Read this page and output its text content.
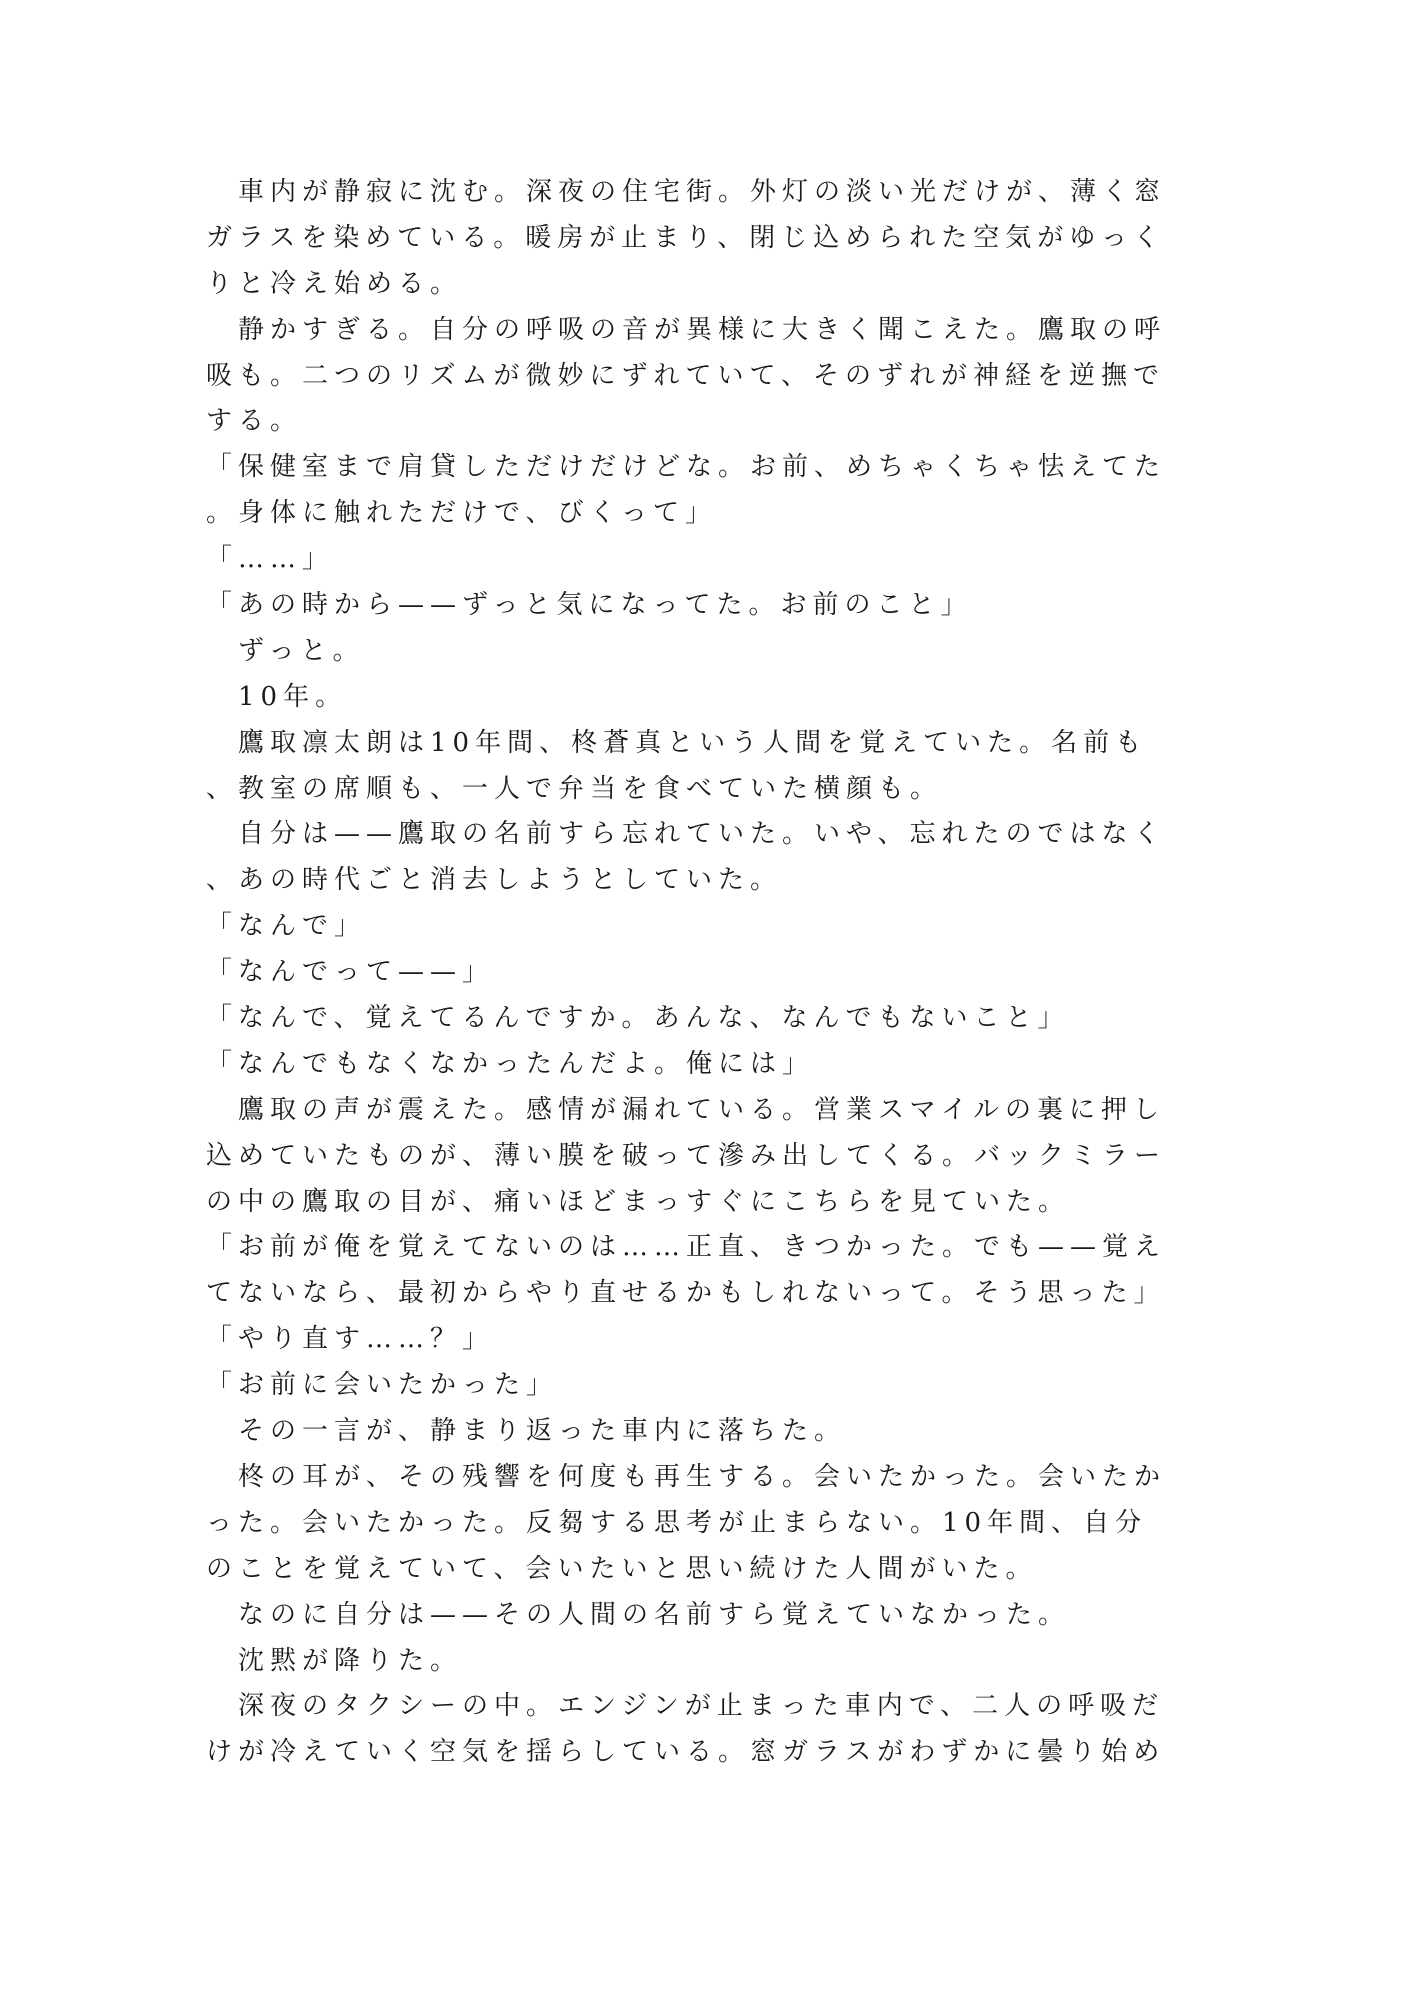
　車内が静寂に沈む。深夜の住宅街。外灯の淡い光だけが、薄く窓
ガラスを染めている。暖房が止まり、閉じ込められた空気がゆっく
りと冷え始める。
　静かすぎる。自分の呼吸の音が異様に大きく聞こえた。鷹取の呼
吸も。二つのリズムが微妙にずれていて、そのずれが神経を逆撫で
する。
「保健室まで肩貸しただけだけどな。お前、めちゃくちゃ怯えてた
。身体に触れただけで、びくって」
「……」
「あの時から——ずっと気になってた。お前のこと」
　ずっと。
　10年。
　鷹取凛太朗は10年間、柊蒼真という人間を覚えていた。名前も
、教室の席順も、一人で弁当を食べていた横顔も。
　自分は——鷹取の名前すら忘れていた。いや、忘れたのではなく
、あの時代ごと消去しようとしていた。
「なんで」
「なんでって——」
「なんで、覚えてるんですか。あんな、なんでもないこと」
「なんでもなくなかったんだよ。俺には」
　鷹取の声が震えた。感情が漏れている。営業スマイルの裏に押し
込めていたものが、薄い膜を破って滲み出してくる。バックミラー
の中の鷹取の目が、痛いほどまっすぐにこちらを見ていた。
「お前が俺を覚えてないのは……正直、きつかった。でも——覚え
てないなら、最初からやり直せるかもしれないって。そう思った」
「やり直す……？」
「お前に会いたかった」
　その一言が、静まり返った車内に落ちた。
　柊の耳が、その残響を何度も再生する。会いたかった。会いたか
った。会いたかった。反芻する思考が止まらない。10年間、自分
のことを覚えていて、会いたいと思い続けた人間がいた。
　なのに自分は——その人間の名前すら覚えていなかった。
　沈黙が降りた。
　深夜のタクシーの中。エンジンが止まった車内で、二人の呼吸だ
けが冷えていく空気を揺らしている。窓ガラスがわずかに曇り始め
